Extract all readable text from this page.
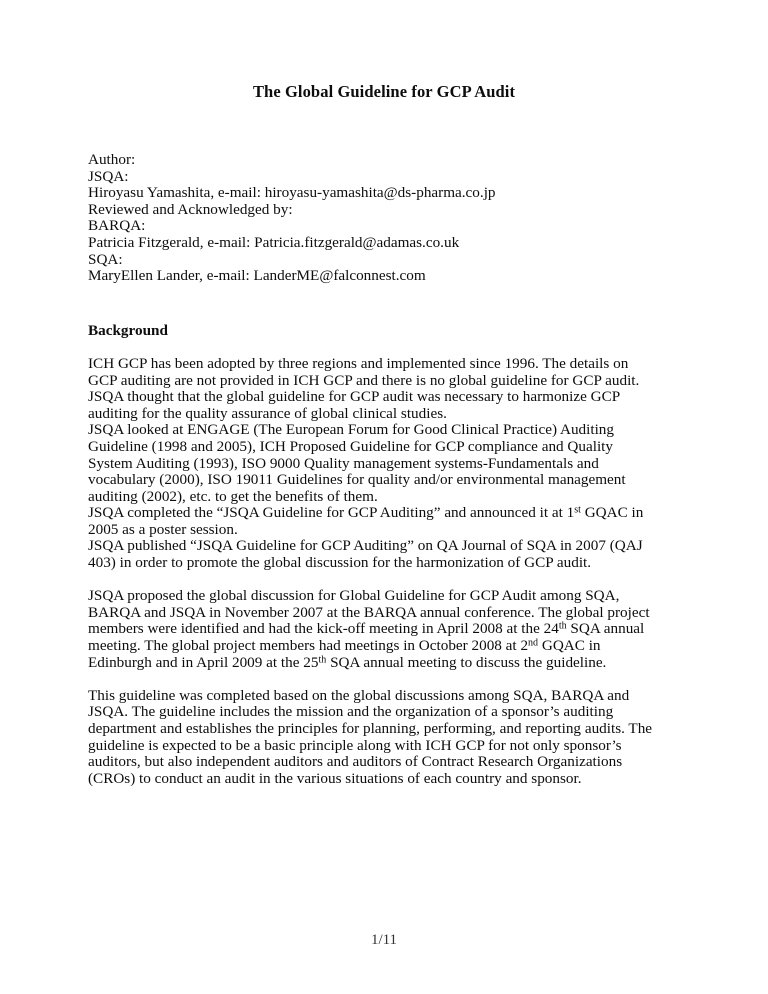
The Global Guideline for GCP Audit
Author:
JSQA:
Hiroyasu Yamashita, e-mail: hiroyasu-yamashita@ds-pharma.co.jp
Reviewed and Acknowledged by:
BARQA:
Patricia Fitzgerald, e-mail: Patricia.fitzgerald@adamas.co.uk
SQA:
MaryEllen Lander, e-mail: LanderME@falconnest.com
Background
ICH GCP has been adopted by three regions and implemented since 1996. The details on
GCP auditing are not provided in ICH GCP and there is no global guideline for GCP audit.
JSQA thought that the global guideline for GCP audit was necessary to harmonize GCP
auditing for the quality assurance of global clinical studies.
JSQA looked at ENGAGE (The European Forum for Good Clinical Practice) Auditing
Guideline (1998 and 2005), ICH Proposed Guideline for GCP compliance and Quality
System Auditing (1993), ISO 9000 Quality management systems-Fundamentals and
vocabulary (2000), ISO 19011 Guidelines for quality and/or environmental management
auditing (2002), etc. to get the benefits of them.
JSQA completed the “JSQA Guideline for GCP Auditing” and announced it at 1st GQAC in
2005 as a poster session.
JSQA published “JSQA Guideline for GCP Auditing” on QA Journal of SQA in 2007 (QAJ
403) in order to promote the global discussion for the harmonization of GCP audit.
JSQA proposed the global discussion for Global Guideline for GCP Audit among SQA,
BARQA and JSQA in November 2007 at the BARQA annual conference. The global project
members were identified and had the kick-off meeting in April 2008 at the 24th SQA annual
meeting. The global project members had meetings in October 2008 at 2nd GQAC in
Edinburgh and in April 2009 at the 25th SQA annual meeting to discuss the guideline.
This guideline was completed based on the global discussions among SQA, BARQA and
JSQA. The guideline includes the mission and the organization of a sponsor’s auditing
department and establishes the principles for planning, performing, and reporting audits. The
guideline is expected to be a basic principle along with ICH GCP for not only sponsor’s
auditors, but also independent auditors and auditors of Contract Research Organizations
(CROs) to conduct an audit in the various situations of each country and sponsor.
1/11
